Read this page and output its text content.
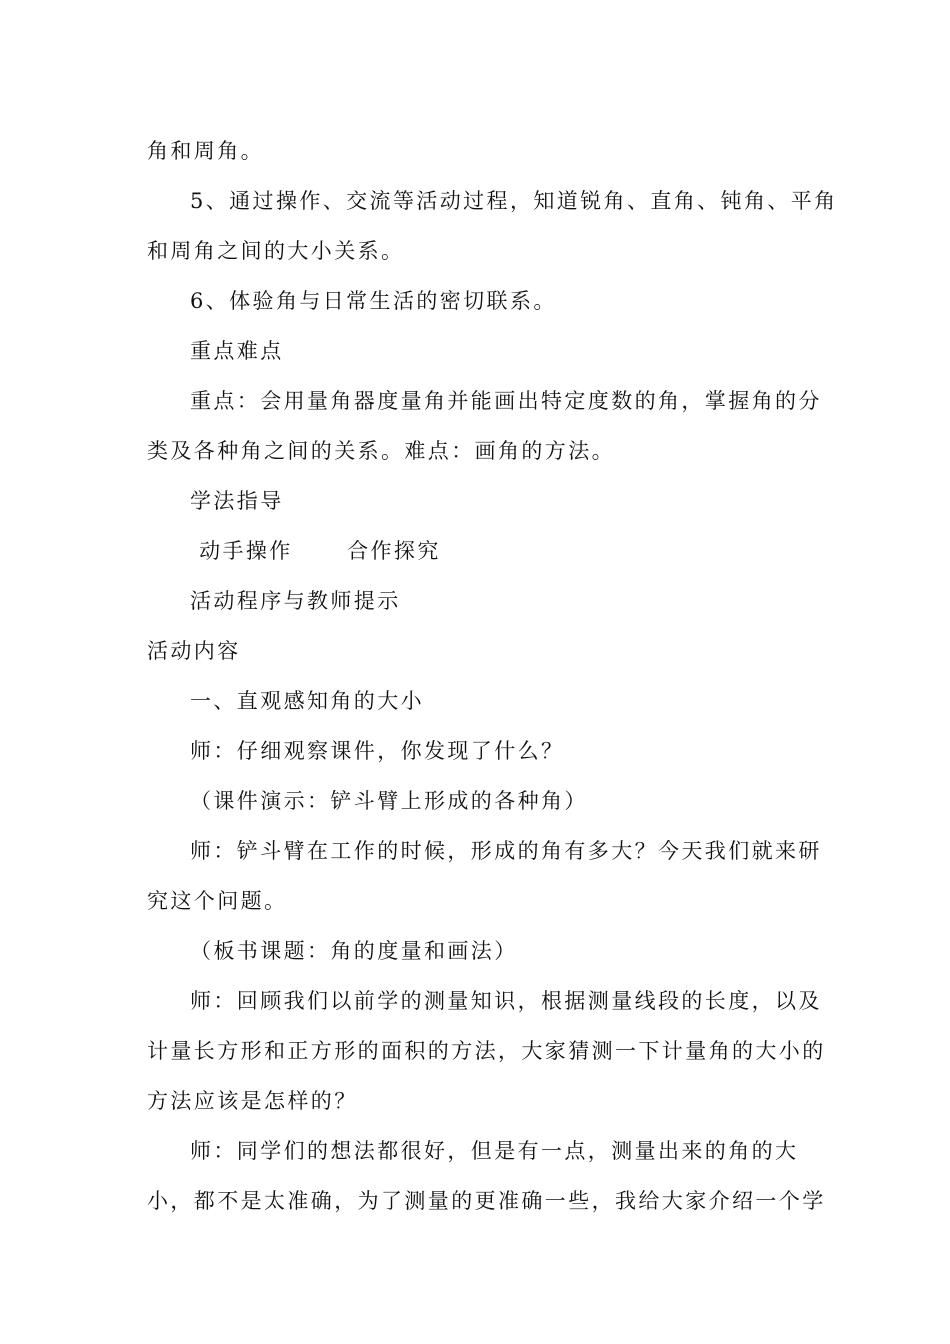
角和周角。
5、通过操作、交流等活动过程，知道锐角、直角、钝角、平角
和周角之间的大小关系。
6、体验角与日常生活的密切联系。
重点难点
重点：会用量角器度量角并能画出特定度数的角，掌握角的分
类及各种角之间的关系。难点：画角的方法。
学法指导
动手操作      合作探究
活动程序与教师提示
活动内容
一、直观感知角的大小
师：仔细观察课件，你发现了什么？
（课件演示：铲斗臂上形成的各种角）
师：铲斗臂在工作的时候，形成的角有多大？今天我们就来研
究这个问题。
（板书课题：角的度量和画法）
师：回顾我们以前学的测量知识，根据测量线段的长度，以及
计量长方形和正方形的面积的方法，大家猜测一下计量角的大小的
方法应该是怎样的？
师：同学们的想法都很好，但是有一点，测量出来的角的大
小，都不是太准确，为了测量的更准确一些，我给大家介绍一个学
